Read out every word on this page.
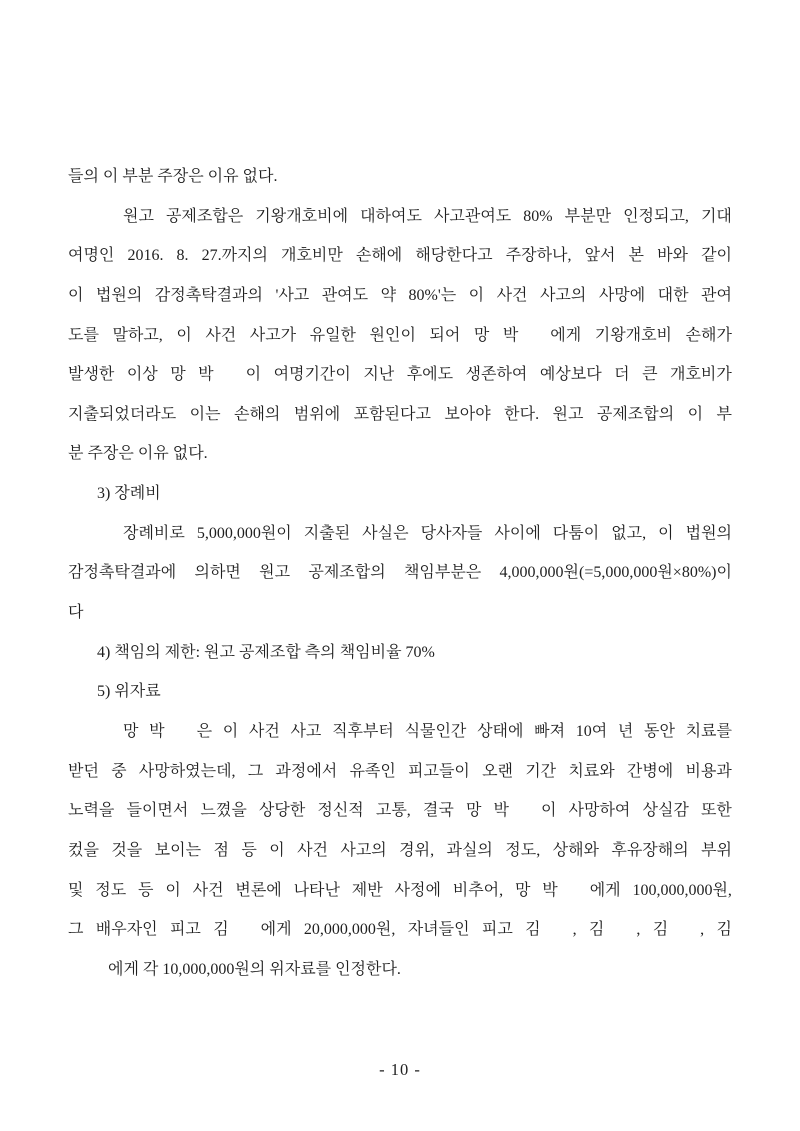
들의 이 부분 주장은 이유 없다.
원고 공제조합은 기왕개호비에 대하여도 사고관여도 80% 부분만 인정되고, 기대
여명인 2016. 8. 27.까지의 개호비만 손해에 해당한다고 주장하나, 앞서 본 바와 같이
이 법원의 감정촉탁결과의 '사고 관여도 약 80%'는 이 사건 사고의 사망에 대한 관여
도를 말하고, 이 사건 사고가 유일한 원인이 되어 망 박  에게 기왕개호비 손해가
발생한 이상 망 박  이 여명기간이 지난 후에도 생존하여 예상보다 더 큰 개호비가
지출되었더라도 이는 손해의 범위에 포함된다고 보아야 한다. 원고 공제조합의 이 부
분 주장은 이유 없다.
3) 장례비
장례비로 5,000,000원이 지출된 사실은 당사자들 사이에 다툼이 없고, 이 법원의
감정촉탁결과에 의하면 원고 공제조합의 책임부분은 4,000,000원(=5,000,000원×80%)이
다
4) 책임의 제한: 원고 공제조합 측의 책임비율 70%
5) 위자료
망 박  은 이 사건 사고 직후부터 식물인간 상태에 빠져 10여 년 동안 치료를
받던 중 사망하였는데, 그 과정에서 유족인 피고들이 오랜 기간 치료와 간병에 비용과
노력을 들이면서 느꼈을 상당한 정신적 고통, 결국 망 박  이 사망하여 상실감 또한
컸을 것을 보이는 점 등 이 사건 사고의 경위, 과실의 정도, 상해와 후유장해의 부위
및 정도 등 이 사건 변론에 나타난 제반 사정에 비추어, 망 박  에게 100,000,000원,
그 배우자인 피고 김  에게 20,000,000원, 자녀들인 피고 김  , 김  , 김  , 김
에게 각 10,000,000원의 위자료를 인정한다.
- 10 -
